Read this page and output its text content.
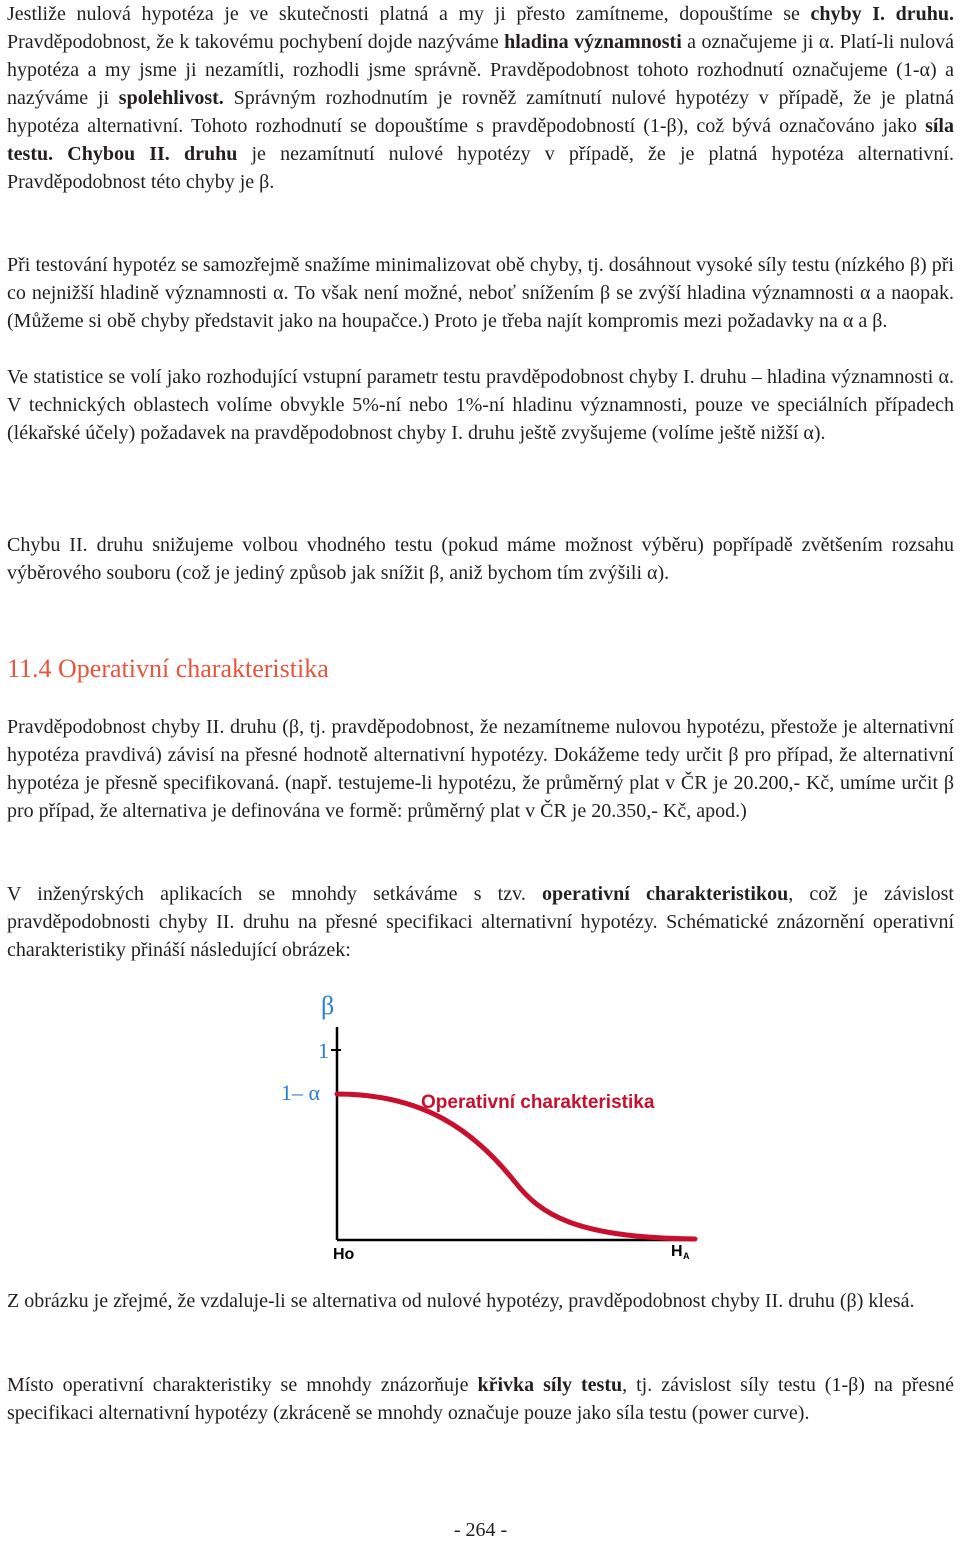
Jestliže nulová hypotéza je ve skutečnosti platná a my ji přesto zamítneme, dopouštíme se chyby I. druhu. Pravděpodobnost, že k takovému pochybení dojde nazýváme hladina významnosti a označujeme ji α. Platí-li nulová hypotéza a my jsme ji nezamítli, rozhodli jsme správně. Pravděpodobnost tohoto rozhodnutí označujeme (1-α) a nazýváme ji spolehlivost. Správným rozhodnutím je rovněž zamítnutí nulové hypotézy v případě, že je platná hypotéza alternativní. Tohoto rozhodnutí se dopouštíme s pravděpodobností (1-β), což bývá označováno jako síla testu. Chybou II. druhu je nezamítnutí nulové hypotézy v případě, že je platná hypotéza alternativní. Pravděpodobnost této chyby je β.

Při testování hypotéz se samozřejmě snažíme minimalizovat obě chyby, tj. dosáhnout vysoké síly testu (nízkého β) při co nejnižší hladině významnosti α. To však není možné, neboť snížením β se zvýší hladina významnosti α a naopak. (Můžeme si obě chyby představit jako na houpačce.) Proto je třeba najít kompromis mezi požadavky na α a β.

Ve statistice se volí jako rozhodující vstupní parametr testu pravděpodobnost chyby I. druhu – hladina významnosti α. V technických oblastech volíme obvykle 5%-ní nebo 1%-ní hladinu významnosti, pouze ve speciálních případech (lékařské účely) požadavek na pravděpodobnost chyby I. druhu ještě zvyšujeme (volíme ještě nižší α).

Chybu II. druhu snižujeme volbou vhodného testu (pokud máme možnost výběru) popřípadě zvětšením rozsahu výběrového souboru (což je jediný způsob jak snížit β, aniž bychom tím zvýšili α).

11.4 Operativní charakteristika

Pravděpodobnost chyby II. druhu (β, tj. pravděpodobnost, že nezamítneme nulovou hypotézu, přestože je alternativní hypotéza pravdivá) závisí na přesné hodnotě alternativní hypotézy. Dokážeme tedy určit β pro případ, že alternativní hypotéza je přesně specifikovaná. (např. testujeme-li hypotézu, že průměrný plat v ČR je 20.200,- Kč, umíme určit β pro případ, že alternativa je definována ve formě: průměrný plat v ČR je 20.350,- Kč, apod.)

V inženýrských aplikacích se mnohdy setkáváme s tzv. operativní charakteristikou, což je závislost pravděpodobnosti chyby II. druhu na přesné specifikaci alternativní hypotézy. Schématické znázornění operativní charakteristiky přináší následující obrázek:

β
1
1– α	Operativní charakteristika
Ho	H A

Z obrázku je zřejmé, že vzdaluje-li se alternativa od nulové hypotézy, pravděpodobnost chyby II. druhu (β) klesá.

Místo operativní charakteristiky se mnohdy znázorňuje křivka síly testu, tj. závislost síly testu (1-β) na přesné specifikaci alternativní hypotézy (zkráceně se mnohdy označuje pouze jako síla testu (power curve).

- 264 -
